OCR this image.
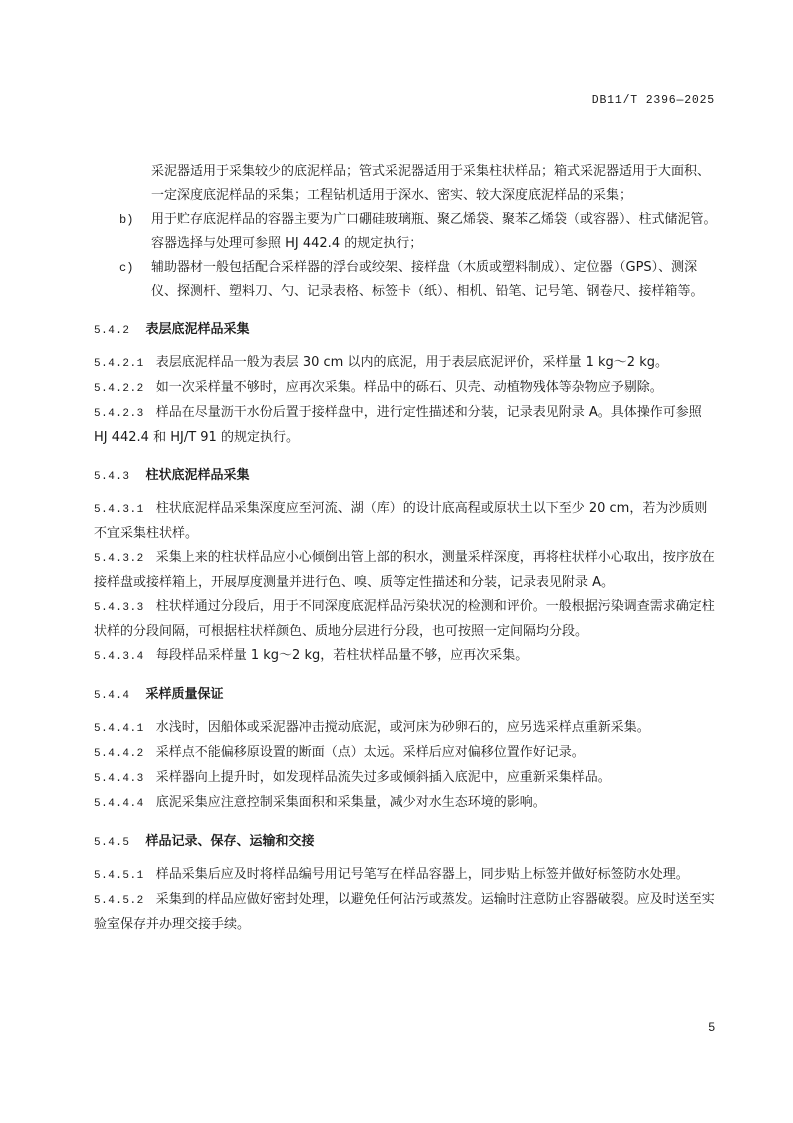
DB11/T 2396—2025

采泥器适用于采集较少的底泥样品；管式采泥器适用于采集柱状样品；箱式采泥器适用于大面积、一定深度底泥样品的采集；工程钻机适用于深水、密实、较大深度底泥样品的采集；

b)	用于贮存底泥样品的容器主要为广口硼硅玻璃瓶、聚乙烯袋、聚苯乙烯袋（或容器）、柱式储泥管。容器选择与处理可参照 HJ 442.4 的规定执行；
c)	辅助器材一般包括配合采样器的浮台或绞架、接样盘（木质或塑料制成）、定位器（GPS）、测深仪、探测杆、塑料刀、勺、记录表格、标签卡（纸）、相机、铅笔、记号笔、钢卷尺、接样箱等。
5.4.2 表层底泥样品采集

5.4.2.1 表层底泥样品一般为表层 30 cm 以内的底泥，用于表层底泥评价，采样量 1 kg～2 kg。

5.4.2.2 如一次采样量不够时，应再次采集。样品中的砾石、贝壳、动植物残体等杂物应予剔除。

5.4.2.3 样品在尽量沥干水份后置于接样盘中，进行定性描述和分装，记录表见附录 A。具体操作可参照 HJ 442.4 和 HJ/T 91 的规定执行。

5.4.3 柱状底泥样品采集

5.4.3.1 柱状底泥样品采集深度应至河流、湖（库）的设计底高程或原状土以下至少 20 cm，若为沙质则不宜采集柱状样。

5.4.3.2 采集上来的柱状样品应小心倾倒出管上部的积水，测量采样深度，再将柱状样小心取出，按序放在接样盘或接样箱上，开展厚度测量并进行色、嗅、质等定性描述和分装，记录表见附录 A。

5.4.3.3 柱状样通过分段后，用于不同深度底泥样品污染状况的检测和评价。一般根据污染调查需求确定柱状样的分段间隔，可根据柱状样颜色、质地分层进行分段，也可按照一定间隔均分段。

5.4.3.4 每段样品采样量 1 kg～2 kg，若柱状样品量不够，应再次采集。

5.4.4 采样质量保证

5.4.4.1 水浅时，因船体或采泥器冲击搅动底泥，或河床为砂卵石的，应另选采样点重新采集。

5.4.4.2 采样点不能偏移原设置的断面（点）太远。采样后应对偏移位置作好记录。

5.4.4.3 采样器向上提升时，如发现样品流失过多或倾斜插入底泥中，应重新采集样品。

5.4.4.4 底泥采集应注意控制采集面积和采集量，减少对水生态环境的影响。

5.4.5 样品记录、保存、运输和交接

5.4.5.1 样品采集后应及时将样品编号用记号笔写在样品容器上，同步贴上标签并做好标签防水处理。

5.4.5.2 采集到的样品应做好密封处理，以避免任何沾污或蒸发。运输时注意防止容器破裂。应及时送至实验室保存并办理交接手续。

5
